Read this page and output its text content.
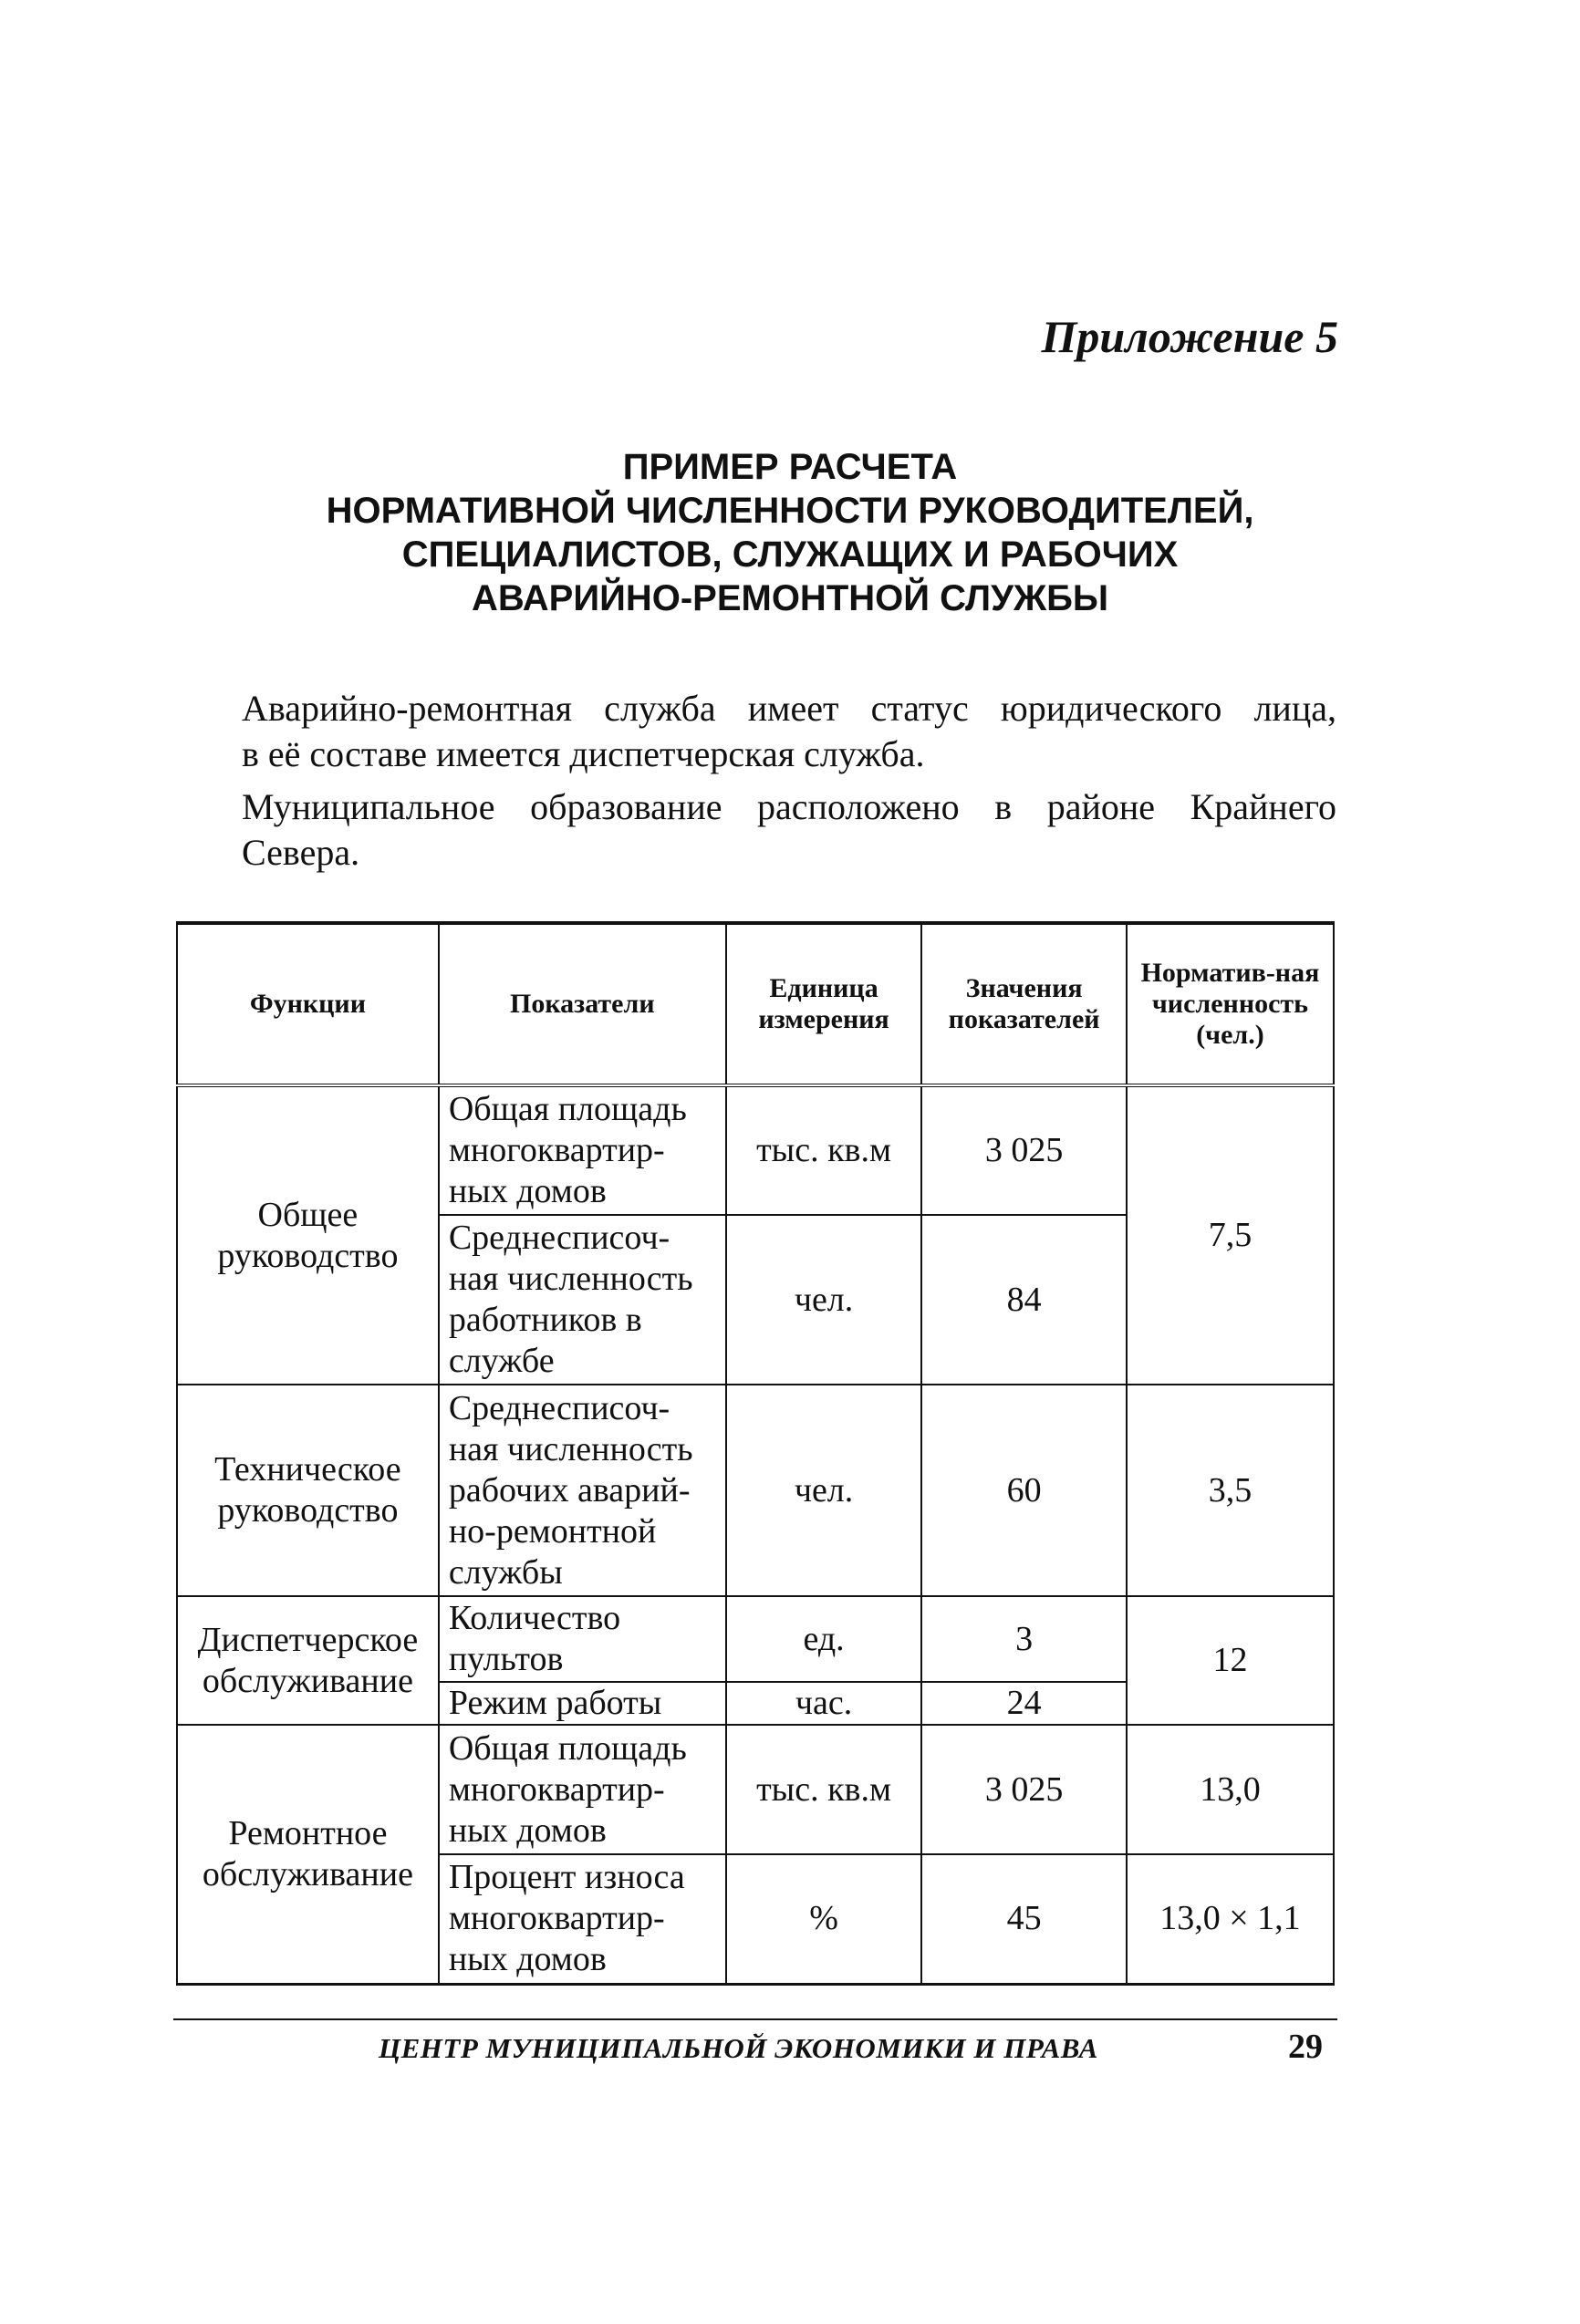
Приложение 5

ПРИМЕР РАСЧЕТА
НОРМАТИВНОЙ ЧИСЛЕННОСТИ РУКОВОДИТЕЛЕЙ,
СПЕЦИАЛИСТОВ, СЛУЖАЩИХ И РАБОЧИХ
АВАРИЙНО-РЕМОНТНОЙ СЛУЖБЫ

Аварийно-ремонтная служба имеет статус юридического лица,
в её составе имеется диспетчерская служба.

Муниципальное образование расположено в районе Крайнего
Севера.

Функции	Показатели	Единица измерения	Значения показателей	Норматив-ная численность (чел.)
Общее руководство	Общая площадь многоквартир-ных домов	тыс. кв.м	3 025	7,5
	Среднесписоч-ная численность работников в службе	чел.	84	
Техническое руководство	Среднесписоч-ная численность рабочих аварий-но-ремонтной службы	чел.	60	3,5
Диспетчерское обслуживание	Количество пультов	ед.	3	12
	Режим работы	час.	24	
Ремонтное обслуживание	Общая площадь многоквартир-ных домов	тыс. кв.м	3 025	13,0
	Процент износа многоквартир-ных домов	%	45	13,0 × 1,1
ЦЕНТР МУНИЦИПАЛЬНОЙ ЭКОНОМИКИ И ПРАВА	29
